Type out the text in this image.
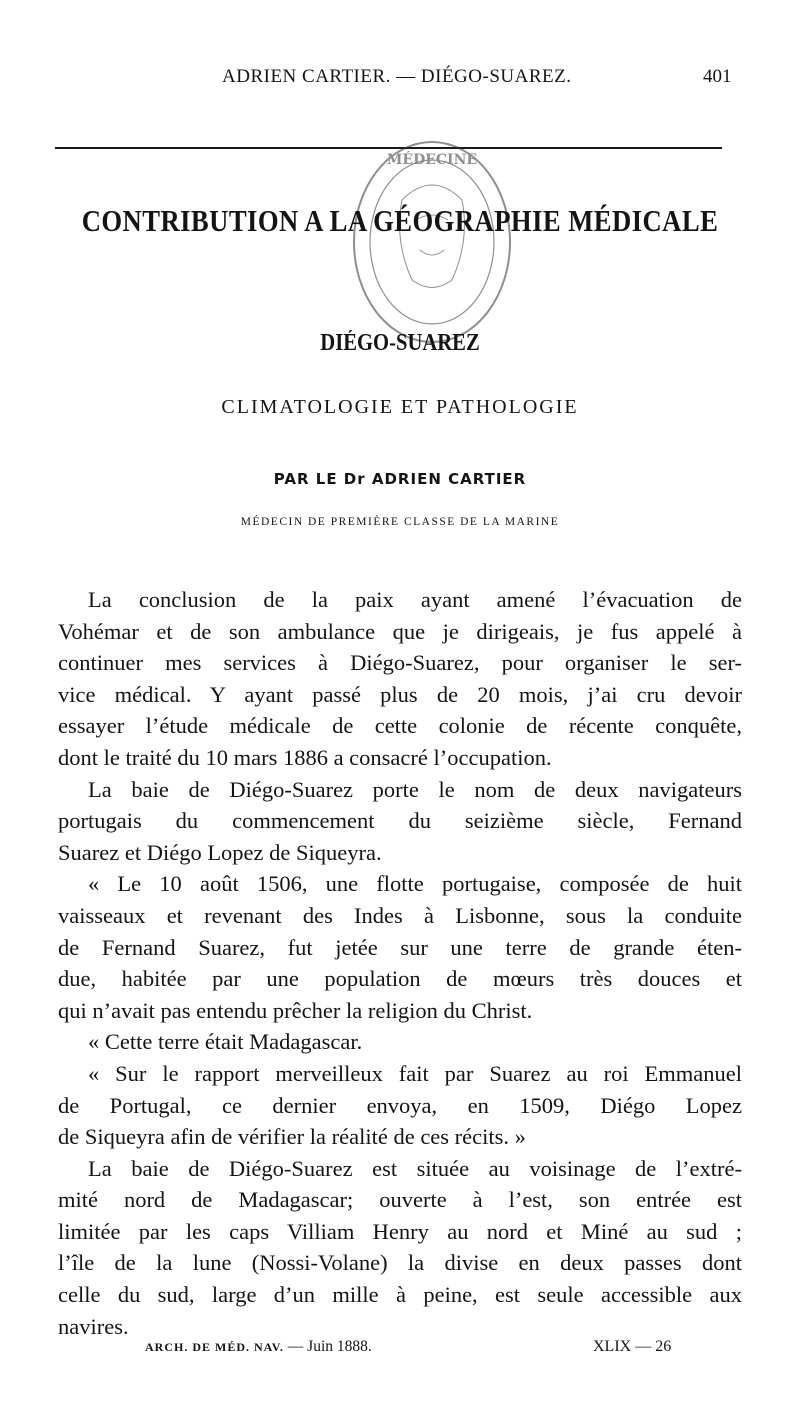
ADRIEN CARTIER. — DIÉGO-SUAREZ.	401
MÉDECINE
CONTRIBUTION A LA GÉOGRAPHIE MÉDICALE
DIÉGO-SUAREZ
CLIMATOLOGIE ET PATHOLOGIE
PAR LE Dr ADRIEN CARTIER
MÉDECIN DE PREMIÈRE CLASSE DE LA MARINE
La conclusion de la paix ayant amené l’évacuation de
Vohémar et de son ambulance que je dirigeais, je fus appelé à
continuer mes services à Diégo-Suarez, pour organiser le ser-
vice médical. Y ayant passé plus de 20 mois, j’ai cru devoir
essayer l’étude médicale de cette colonie de récente conquête,
dont le traité du 10 mars 1886 a consacré l’occupation.
La baie de Diégo-Suarez porte le nom de deux navigateurs
portugais du commencement du seizième siècle, Fernand
Suarez et Diégo Lopez de Siqueyra.
« Le 10 août 1506, une flotte portugaise, composée de huit
vaisseaux et revenant des Indes à Lisbonne, sous la conduite
de Fernand Suarez, fut jetée sur une terre de grande éten-
due, habitée par une population de mœurs très douces et
qui n’avait pas entendu prêcher la religion du Christ.
« Cette terre était Madagascar.
« Sur le rapport merveilleux fait par Suarez au roi Emmanuel
de Portugal, ce dernier envoya, en 1509, Diégo Lopez
de Siqueyra afin de vérifier la réalité de ces récits. »
La baie de Diégo-Suarez est située au voisinage de l’extré-
mité nord de Madagascar; ouverte à l’est, son entrée est
limitée par les caps Villiam Henry au nord et Miné au sud ;
l’île de la lune (Nossi-Volane) la divise en deux passes dont
celle du sud, large d’un mille à peine, est seule accessible aux
navires.
ARCH. DE MÉD. NAV. — Juin 1888.	XLIX — 26
